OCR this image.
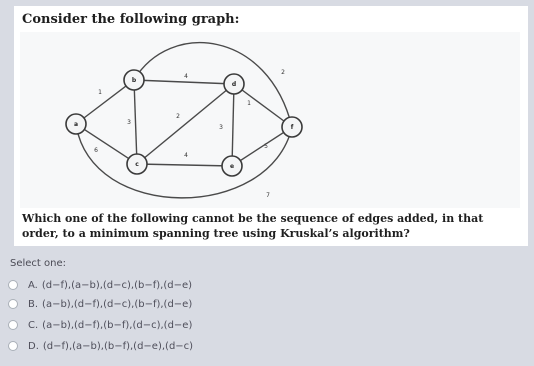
Consider the following graph:
1
6
3
4
2
4
3
1
5
2
7
a
b
c
d
e
f
Which one of the following cannot be the sequence of edges added, in that order, to a minimum spanning tree using Kruskal’s algorithm?
Select one:
A. (d−f),(a−b),(d−c),(b−f),(d−e)
B. (a−b),(d−f),(d−c),(b−f),(d−e)
C. (a−b),(d−f),(b−f),(d−c),(d−e)
D. (d−f),(a−b),(b−f),(d−e),(d−c)
